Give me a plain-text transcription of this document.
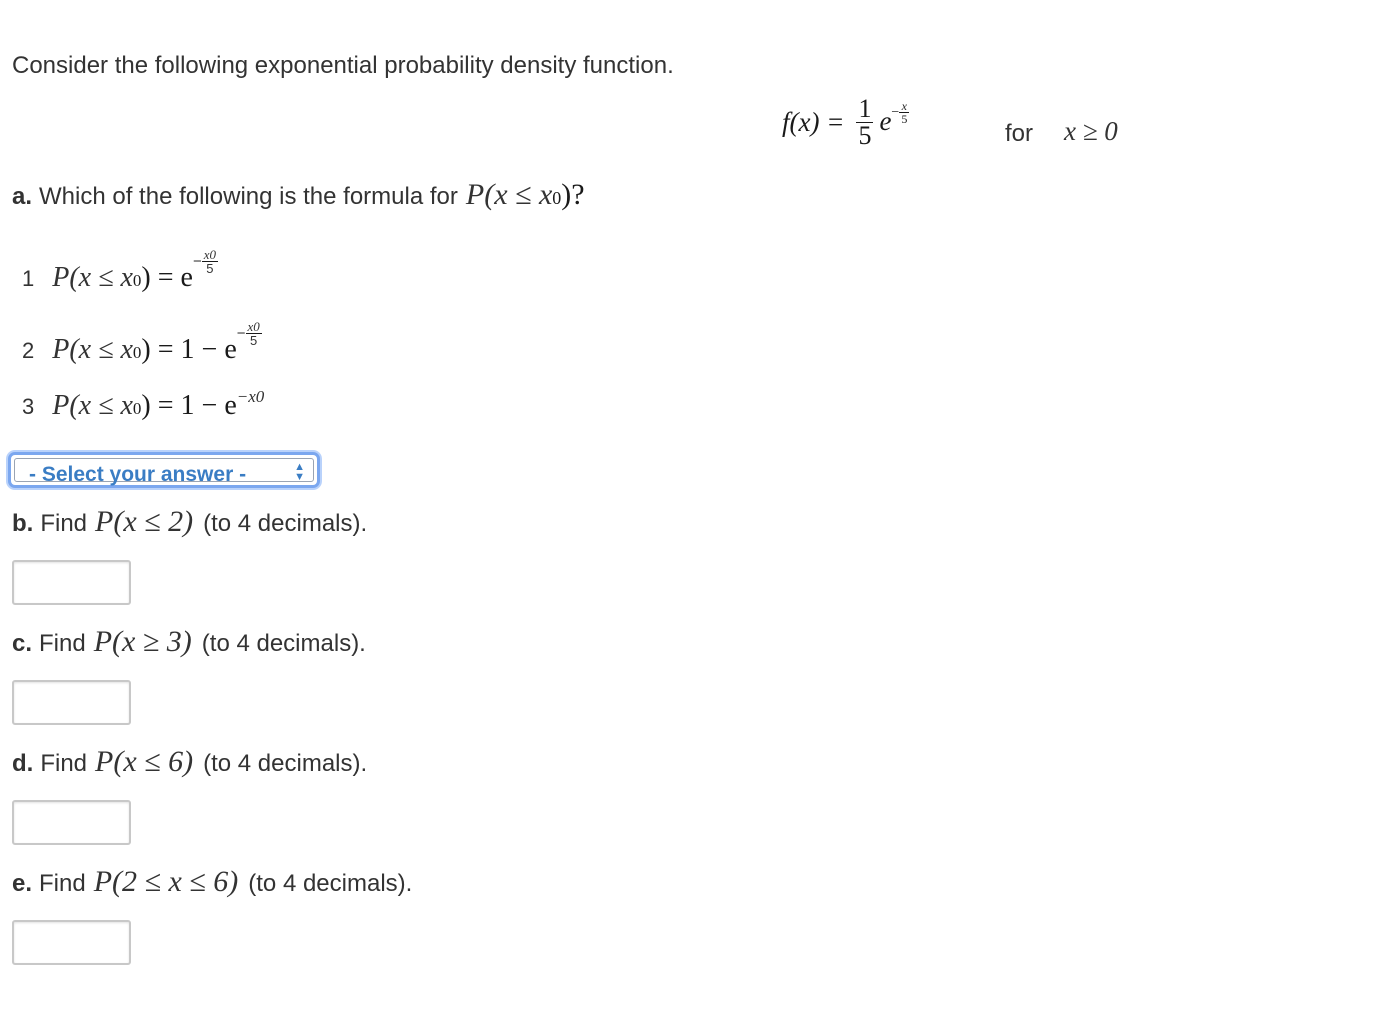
Consider the following exponential probability density function.
$f(x) = \frac{1}{5}$ $e - \frac{x}{5}$
for x ≥ 0
a. Which of the following is the formula for P(x ≤ x 0 )?
1 P(x ≤ x 0 ) = e
− $\frac{x0}{5}$
2 P(x ≤ x 0 ) = 1 − e
− $\frac{x0}{5}$
3 P(x ≤ x 0 ) = 1 − e −x0
- Select your answer -	▲
▼
b. Find P(x ≤ 2) (to 4 decimals).
c. Find P(x ≥ 3) (to 4 decimals).
d. Find P(x ≤ 6) (to 4 decimals).
e. Find P(2 ≤ x ≤ 6) (to 4 decimals).
